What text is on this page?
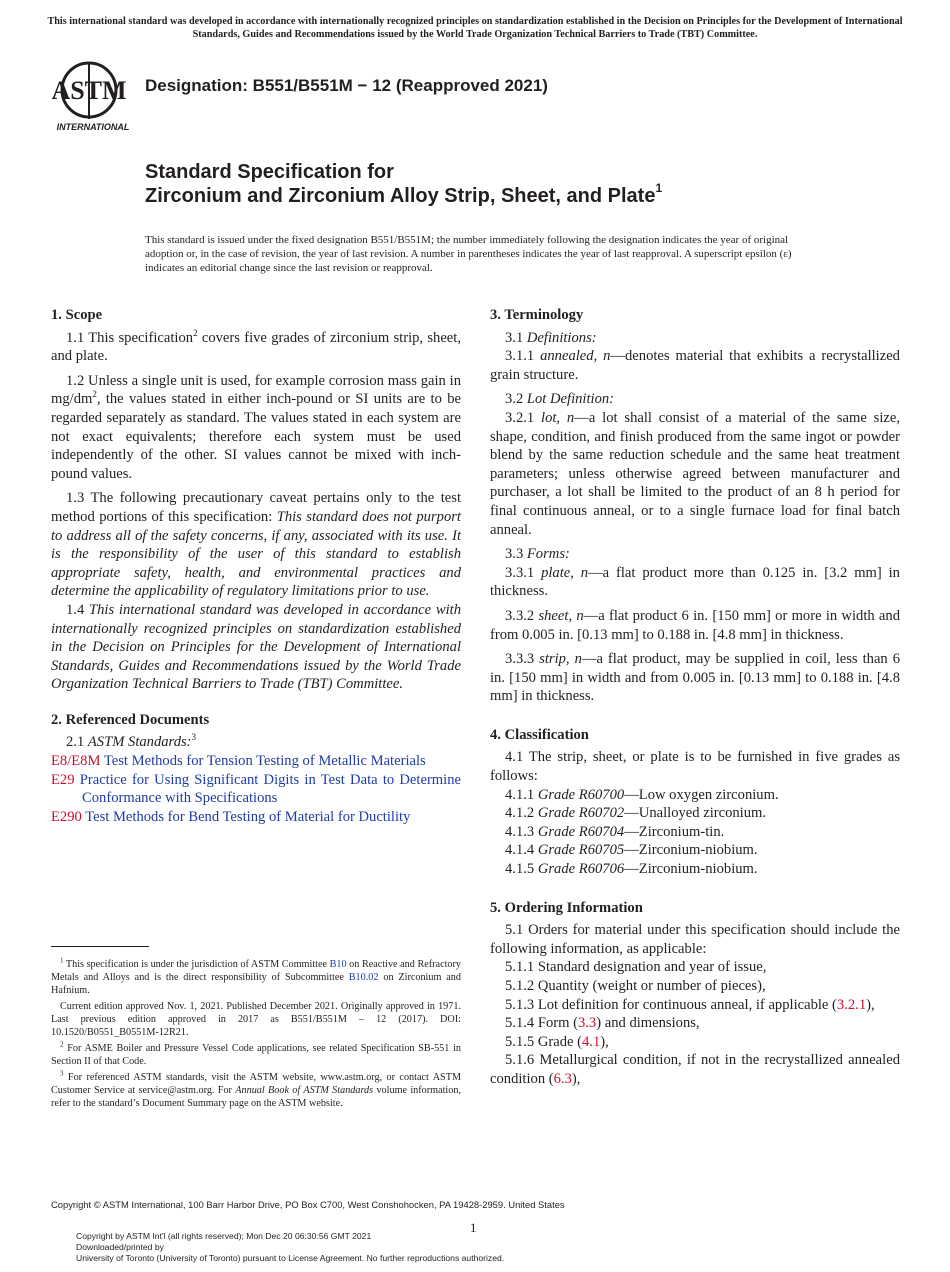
This international standard was developed in accordance with internationally recognized principles on standardization established in the Decision on Principles for the Development of International Standards, Guides and Recommendations issued by the World Trade Organization Technical Barriers to Trade (TBT) Committee.
ASTM
INTERNATIONAL
Designation: B551/B551M − 12 (Reapproved 2021)
Standard Specification for
Zirconium and Zirconium Alloy Strip, Sheet, and Plate$^1$
This standard is issued under the fixed designation B551/B551M; the number immediately following the designation indicates the year of original adoption or, in the case of revision, the year of last revision. A number in parentheses indicates the year of last reapproval. A superscript epsilon (ε) indicates an editorial change since the last revision or reapproval.

1. Scope

1.1 This specification$^2$ covers five grades of zirconium strip, sheet, and plate.

1.2 Unless a single unit is used, for example corrosion mass gain in $mg/dm^2$, the values stated in either inch-pound or SI units are to be regarded separately as standard. The values stated in each system are not exact equivalents; therefore each system must be used independently of the other. SI values cannot be mixed with inch-pound values.

1.3 The following precautionary caveat pertains only to the test method portions of this specification: This standard does not purport to address all of the safety concerns, if any, associated with its use. It is the responsibility of the user of this standard to establish appropriate safety, health, and environmental practices and determine the applicability of regulatory limitations prior to use.

1.4 This international standard was developed in accordance with internationally recognized principles on standardization established in the Decision on Principles for the Development of International Standards, Guides and Recommendations issued by the World Trade Organization Technical Barriers to Trade (TBT) Committee.

2. Referenced Documents

2.1 ASTM Standards:$^3$

E8/E8M Test Methods for Tension Testing of Metallic Materials

E29 Practice for Using Significant Digits in Test Data to Determine Conformance with Specifications

E290 Test Methods for Bend Testing of Material for Ductility

$^1$ This specification is under the jurisdiction of ASTM Committee B10 on Reactive and Refractory Metals and Alloys and is the direct responsibility of Subcommittee B10.02 on Zirconium and Hafnium.

Current edition approved Nov. 1, 2021. Published December 2021. Originally approved in 1971. Last previous edition approved in 2017 as B551/B551M – 12 (2017). DOI: 10.1520/B0551_B0551M-12R21.

$^2$ For ASME Boiler and Pressure Vessel Code applications, see related Specification SB-551 in Section II of that Code.

$^3$ For referenced ASTM standards, visit the ASTM website, www.astm.org, or contact ASTM Customer Service at service@astm.org. For Annual Book of ASTM Standards volume information, refer to the standard’s Document Summary page on the ASTM website.

3. Terminology

3.1 Definitions:

3.1.1 annealed, n—denotes material that exhibits a recrystallized grain structure.

3.2 Lot Definition:

3.2.1 lot, n—a lot shall consist of a material of the same size, shape, condition, and finish produced from the same ingot or powder blend by the same reduction schedule and the same heat treatment parameters; unless otherwise agreed between manufacturer and purchaser, a lot shall be limited to the product of an 8 h period for final continuous anneal, or to a single furnace load for final batch anneal.

3.3 Forms:

3.3.1 plate, n—a flat product more than 0.125 in. [3.2 mm] in thickness.

3.3.2 sheet, n—a flat product 6 in. [150 mm] or more in width and from 0.005 in. [0.13 mm] to 0.188 in. [4.8 mm] in thickness.

3.3.3 strip, n—a flat product, may be supplied in coil, less than 6 in. [150 mm] in width and from 0.005 in. [0.13 mm] to 0.188 in. [4.8 mm] in thickness.

4. Classification

4.1 The strip, sheet, or plate is to be furnished in five grades as follows:

4.1.1 Grade R60700—Low oxygen zirconium.

4.1.2 Grade R60702—Unalloyed zirconium.

4.1.3 Grade R60704—Zirconium-tin.

4.1.4 Grade R60705—Zirconium-niobium.

4.1.5 Grade R60706—Zirconium-niobium.

5. Ordering Information

5.1 Orders for material under this specification should include the following information, as applicable:

5.1.1 Standard designation and year of issue,

5.1.2 Quantity (weight or number of pieces),

5.1.3 Lot definition for continuous anneal, if applicable (3.2.1),

5.1.4 Form (3.3) and dimensions,

5.1.5 Grade (4.1),

5.1.6 Metallurgical condition, if not in the recrystallized annealed condition (6.3),

Copyright © ASTM International, 100 Barr Harbor Drive, PO Box C700, West Conshohocken, PA 19428-2959. United States
1
Copyright by ASTM Int'l (all rights reserved); Mon Dec 20 06:30:56 GMT 2021
Downloaded/printed by
University of Toronto (University of Toronto) pursuant to License Agreement. No further reproductions authorized.
